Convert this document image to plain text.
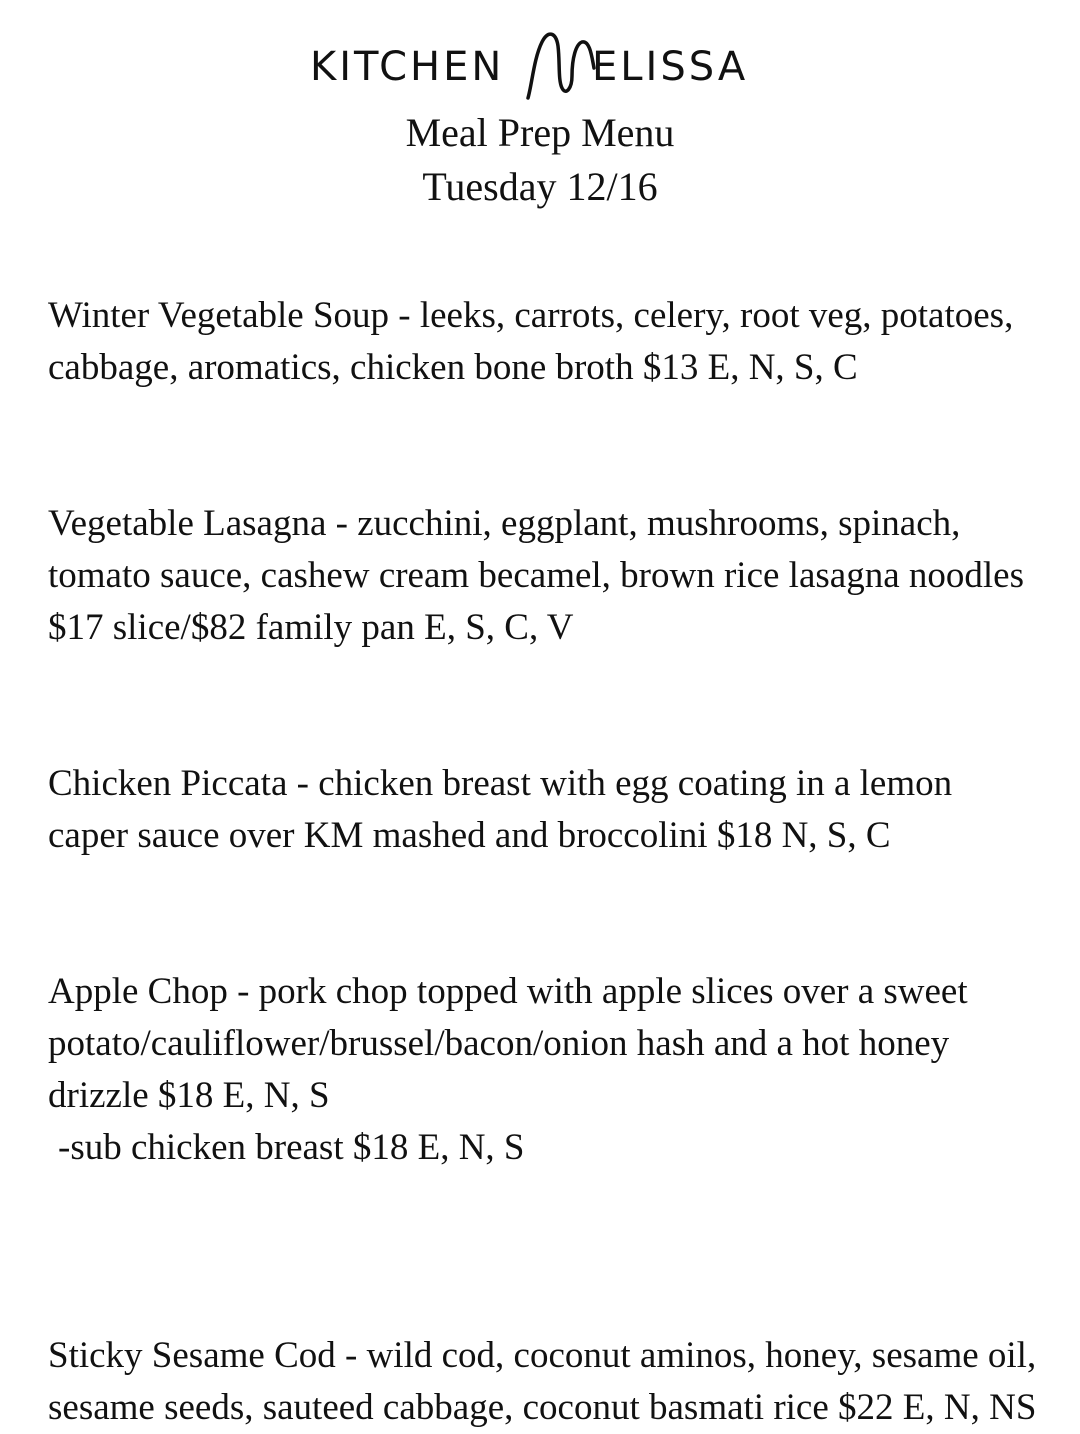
KITCHEN ELISSA
Meal Prep Menu
Tuesday 12/16

Winter Vegetable Soup - leeks, carrots, celery, root veg, potatoes, cabbage, aromatics, chicken bone broth $13 E, N, S, C

Vegetable Lasagna - zucchini, eggplant, mushrooms, spinach, tomato sauce, cashew cream becamel, brown rice lasagna noodles $17 slice/$82 family pan E, S, C, V

Chicken Piccata - chicken breast with egg coating in a lemon caper sauce over KM mashed and broccolini $18 N, S, C

Apple Chop - pork chop topped with apple slices over a sweet potato/cauliflower/brussel/bacon/onion hash and a hot honey drizzle $18 E, N, S

-sub chicken breast $18 E, N, S

Sticky Sesame Cod - wild cod, coconut aminos, honey, sesame oil, sesame seeds, sauteed cabbage, coconut basmati rice $22 E, N, NS
